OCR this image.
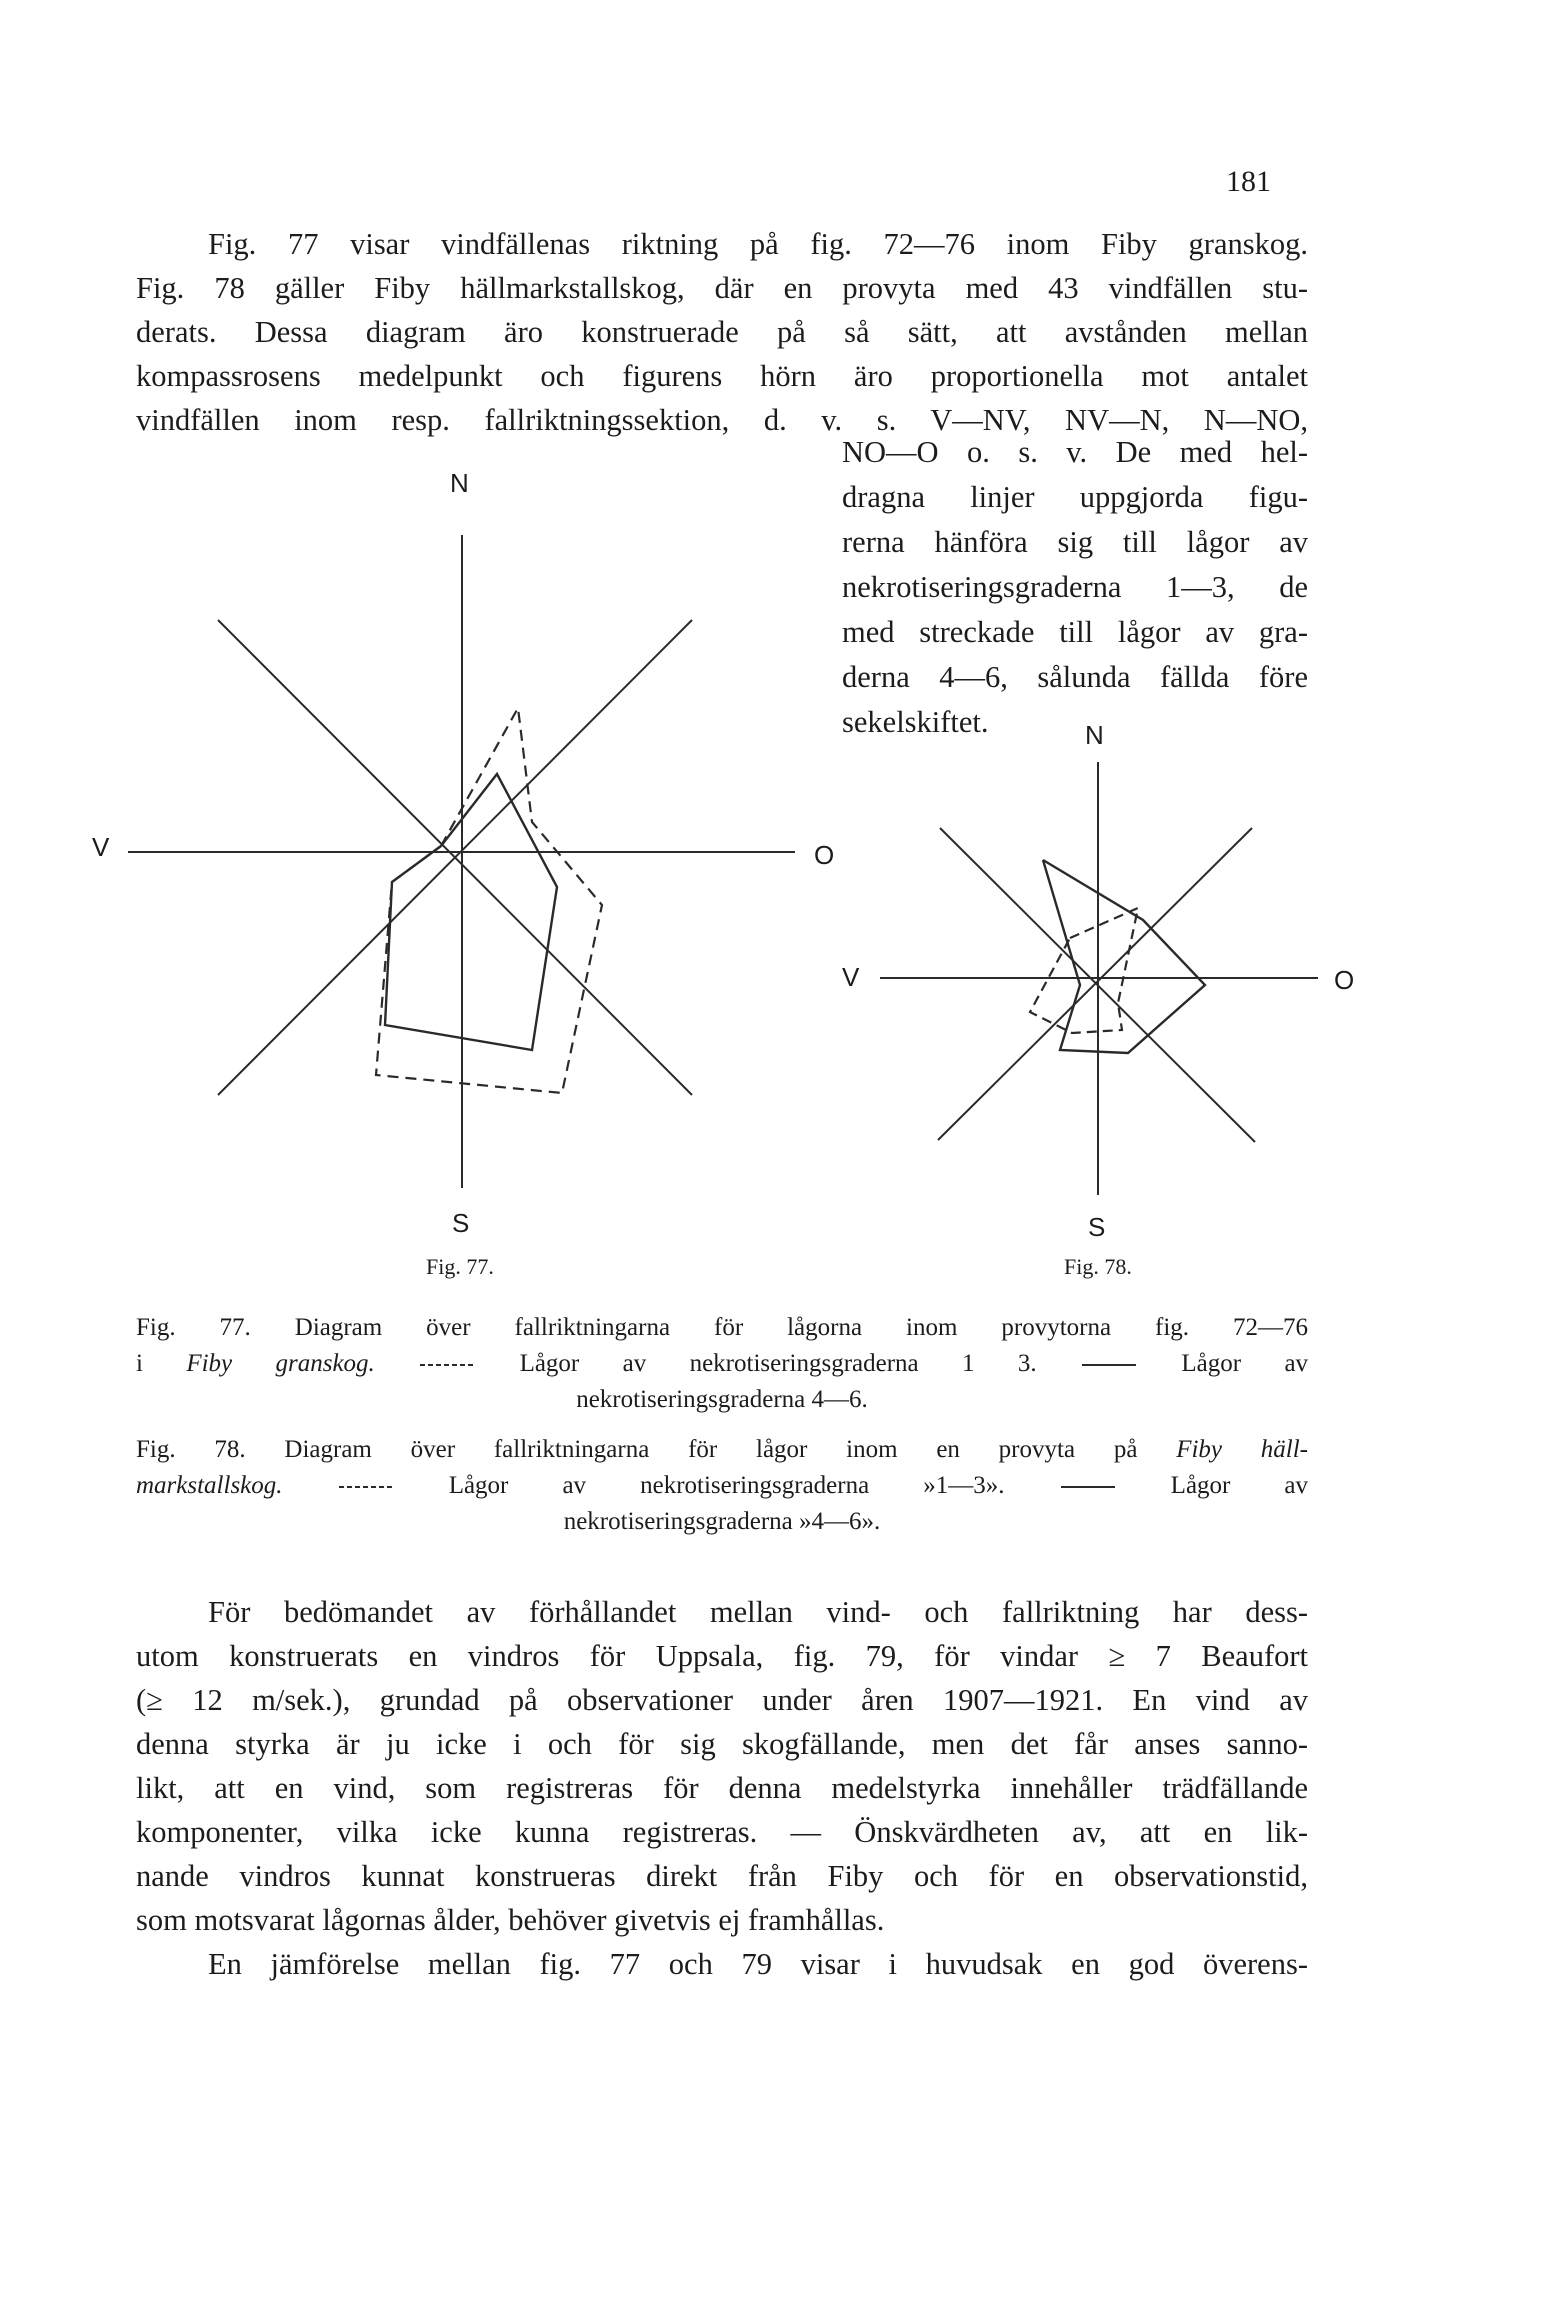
181
Fig. 77 visar vindfällenas riktning på fig. 72—76 inom Fiby granskog.
Fig. 78 gäller Fiby hällmarkstallskog, där en provyta med 43 vindfällen stu-
derats. Dessa diagram äro konstruerade på så sätt, att avstånden mellan
kompassrosens medelpunkt och figurens hörn äro proportionella mot antalet
vindfällen inom resp. fallriktningssektion, d. v. s. V—NV, NV—N, N—NO,
NO—O o. s. v. De med hel-
dragna linjer uppgjorda figu-
rerna hänföra sig till lågor av
nekrotiseringsgraderna 1—3, de
med streckade till lågor av gra-
derna 4—6, sålunda fällda före
sekelskiftet.
N
V	O
S
Fig. 77.
N
V	O
S
Fig. 78.
Fig. 77. Diagram över fallriktningarna för lågorna inom provytorna fig. 72—76
i Fiby granskog.	Lågor av nekrotiseringsgraderna 1 3.	Lågor av
nekrotiseringsgraderna 4—6.
Fig. 78. Diagram över fallriktningarna för lågor inom en provyta på Fiby häll-
markstallskog.	Lågor av nekrotiseringsgraderna »1—3».	Lågor av
nekrotiseringsgraderna »4—6».
För bedömandet av förhållandet mellan vind- och fallriktning har dess-
utom konstruerats en vindros för Uppsala, fig. 79, för vindar ≥ 7 Beaufort
(≥ 12 m/sek.), grundad på observationer under åren 1907—1921. En vind av
denna styrka är ju icke i och för sig skogfällande, men det får anses sanno-
likt, att en vind, som registreras för denna medelstyrka innehåller trädfällande
komponenter, vilka icke kunna registreras. — Önskvärdheten av, att en lik-
nande vindros kunnat konstrueras direkt från Fiby och för en observationstid,
som motsvarat lågornas ålder, behöver givetvis ej framhållas.
En jämförelse mellan fig. 77 och 79 visar i huvudsak en god överens-
